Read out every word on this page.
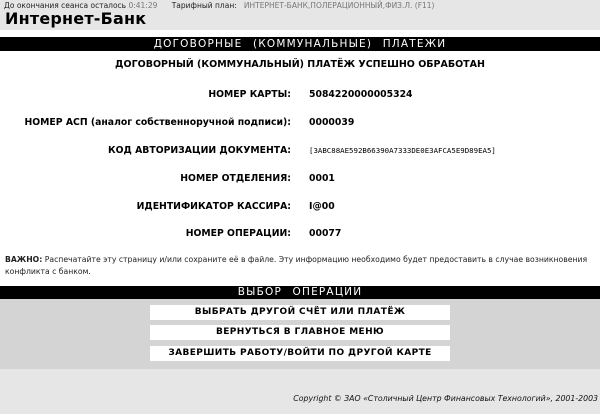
До окончания сеанса осталось 0:41:29 Тарифный план: ИНТЕРНЕТ-БАНК,ПОЛЕРАЦИОННЫЙ,ФИЗ.Л. (F11)
Интернет-Банк
ДОГОВОРНЫЕ (КОММУНАЛЬНЫЕ) ПЛАТЕЖИ
ДОГОВОРНЫЙ (КОММУНАЛЬНЫЙ) ПЛАТЁЖ УСПЕШНО ОБРАБОТАН
НОМЕР КАРТЫ: 5084220000005324
НОМЕР АСП (аналог собственноручной подписи): 0000039
КОД АВТОРИЗАЦИИ ДОКУМЕНТА: [3ABC88AE592B66390A7333DE0E3AFCA5E9D89EA5]
НОМЕР ОТДЕЛЕНИЯ: 0001
ИДЕНТИФИКАТОР КАССИРА: I@00
НОМЕР ОПЕРАЦИИ: 00077
ВАЖНО: Распечатайте эту страницу и/или сохраните её в файле. Эту информацию необходимо будет предоставить в случае возникновения конфликта с банком.
ВЫБОР ОПЕРАЦИИ
ВЫБРАТЬ ДРУГОЙ СЧЁТ ИЛИ ПЛАТЁЖ
ВЕРНУТЬСЯ В ГЛАВНОЕ МЕНЮ
ЗАВЕРШИТЬ РАБОТУ/ВОЙТИ ПО ДРУГОЙ КАРТЕ
Copyright © ЗАО «Столичный Центр Финансовых Технологий», 2001-2003
